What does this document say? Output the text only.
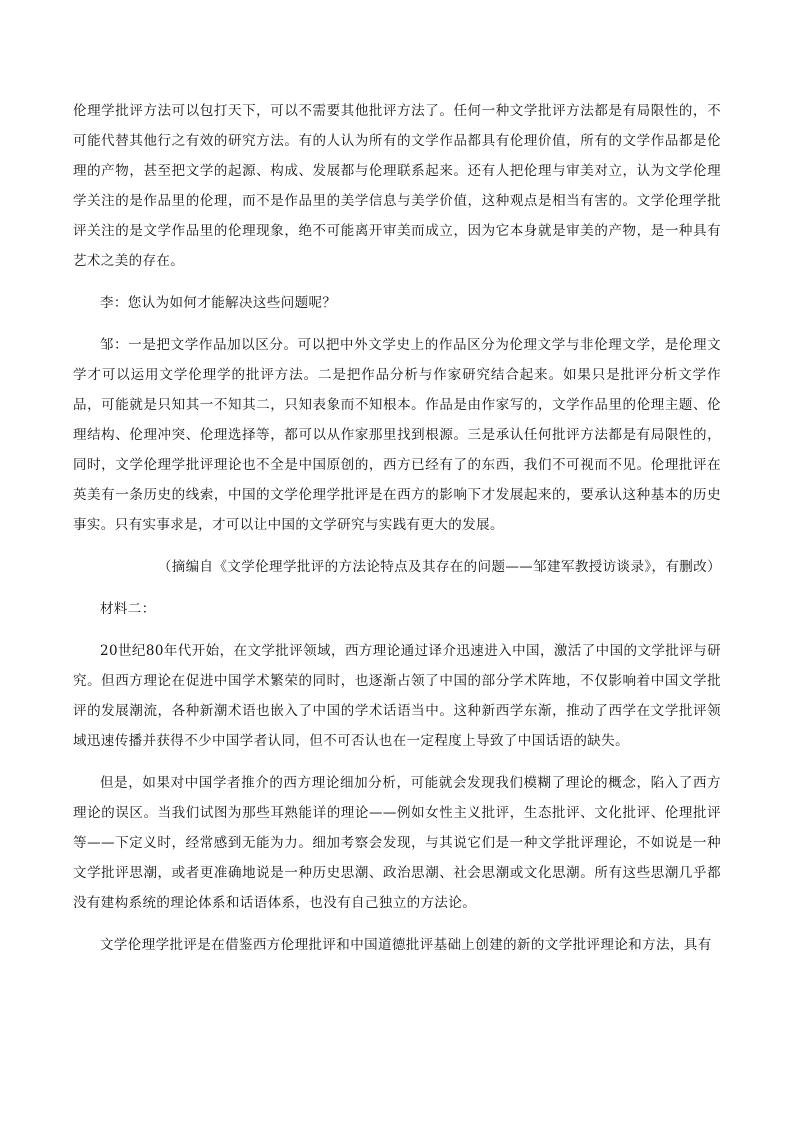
伦理学批评方法可以包打天下，可以不需要其他批评方法了。任何一种文学批评方法都是有局限性的，不可能代替其他行之有效的研究方法。有的人认为所有的文学作品都具有伦理价值，所有的文学作品都是伦理的产物，甚至把文学的起源、构成、发展都与伦理联系起来。还有人把伦理与审美对立，认为文学伦理学关注的是作品里的伦理，而不是作品里的美学信息与美学价值，这种观点是相当有害的。文学伦理学批评关注的是文学作品里的伦理现象，绝不可能离开审美而成立，因为它本身就是审美的产物，是一种具有艺术之美的存在。

李：您认为如何才能解决这些问题呢？

邹：一是把文学作品加以区分。可以把中外文学史上的作品区分为伦理文学与非伦理文学，是伦理文学才可以运用文学伦理学的批评方法。二是把作品分析与作家研究结合起来。如果只是批评分析文学作品，可能就是只知其一不知其二，只知表象而不知根本。作品是由作家写的，文学作品里的伦理主题、伦理结构、伦理冲突、伦理选择等，都可以从作家那里找到根源。三是承认任何批评方法都是有局限性的，同时，文学伦理学批评理论也不全是中国原创的，西方已经有了的东西，我们不可视而不见。伦理批评在英美有一条历史的线索，中国的文学伦理学批评是在西方的影响下才发展起来的，要承认这种基本的历史事实。只有实事求是，才可以让中国的文学研究与实践有更大的发展。

（摘编自《文学伦理学批评的方法论特点及其存在的问题——邹建军教授访谈录》，有删改）

材料二：

20世纪80年代开始，在文学批评领域，西方理论通过译介迅速进入中国，激活了中国的文学批评与研究。但西方理论在促进中国学术繁荣的同时，也逐渐占领了中国的部分学术阵地，不仅影响着中国文学批评的发展潮流，各种新潮术语也嵌入了中国的学术话语当中。这种新西学东渐，推动了西学在文学批评领域迅速传播并获得不少中国学者认同，但不可否认也在一定程度上导致了中国话语的缺失。

但是，如果对中国学者推介的西方理论细加分析，可能就会发现我们模糊了理论的概念，陷入了西方理论的误区。当我们试图为那些耳熟能详的理论——例如女性主义批评，生态批评、文化批评、伦理批评等——下定义时，经常感到无能为力。细加考察会发现，与其说它们是一种文学批评理论，不如说是一种文学批评思潮，或者更准确地说是一种历史思潮、政治思潮、社会思潮或文化思潮。所有这些思潮几乎都没有建构系统的理论体系和话语体系，也没有自己独立的方法论。

文学伦理学批评是在借鉴西方伦理批评和中国道德批评基础上创建的新的文学批评理论和方法，具有
